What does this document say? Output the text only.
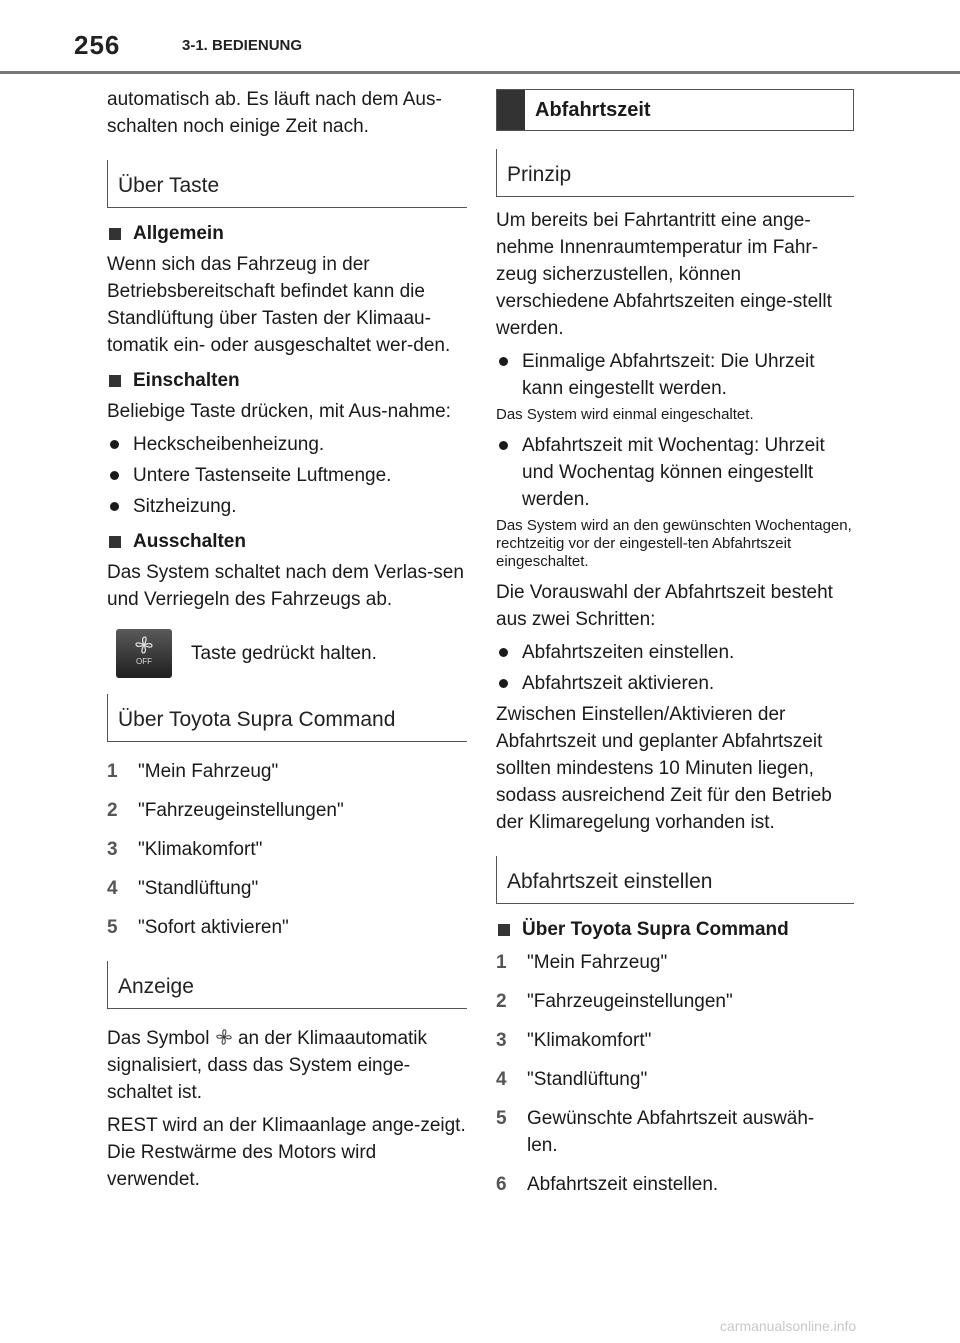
256	3-1. BEDIENUNG

automatisch ab. Es läuft nach dem Aus-schalten noch einige Zeit nach.

Über Taste
Allgemein

Wenn sich das Fahrzeug in der Betriebsbereitschaft befindet kann die Standlüftung über Tasten der Klimaau-tomatik ein- oder ausgeschaltet wer-den.

Einschalten

Beliebige Taste drücken, mit Aus-nahme:

Heckscheibenheizung.

Untere Tastenseite Luftmenge.

Sitzheizung.

Ausschalten

Das System schaltet nach dem Verlas-sen und Verriegeln des Fahrzeugs ab.

OFF	Taste gedrückt halten.

Über Toyota Supra Command
1	"Mein Fahrzeug"
2	"Fahrzeugeinstellungen"
3	"Klimakomfort"
4	"Standlüftung"
5	"Sofort aktivieren"
Anzeige

Das Symbol an der Klimaautomatik signalisiert, dass das System einge-schaltet ist.

REST wird an der Klimaanlage ange-zeigt. Die Restwärme des Motors wird verwendet.

Abfahrtszeit
Prinzip

Um bereits bei Fahrtantritt eine ange-nehme Innenraumtemperatur im Fahr-zeug sicherzustellen, können verschiedene Abfahrtszeiten einge-stellt werden.

Einmalige Abfahrtszeit: Die Uhrzeit kann eingestellt werden.

Das System wird einmal eingeschaltet.

Abfahrtszeit mit Wochentag: Uhrzeit und Wochentag können eingestellt werden.

Das System wird an den gewünschten Wochentagen, rechtzeitig vor der eingestell-ten Abfahrtszeit eingeschaltet.

Die Vorauswahl der Abfahrtszeit besteht aus zwei Schritten:

Abfahrtszeiten einstellen.

Abfahrtszeit aktivieren.

Zwischen Einstellen/Aktivieren der Abfahrtszeit und geplanter Abfahrtszeit sollten mindestens 10 Minuten liegen, sodass ausreichend Zeit für den Betrieb der Klimaregelung vorhanden ist.

Abfahrtszeit einstellen
Über Toyota Supra Command
1	"Mein Fahrzeug"
2	"Fahrzeugeinstellungen"
3	"Klimakomfort"
4	"Standlüftung"
5	Gewünschte Abfahrtszeit auswäh-len.
6	Abfahrtszeit einstellen.
carmanualsonline.info
